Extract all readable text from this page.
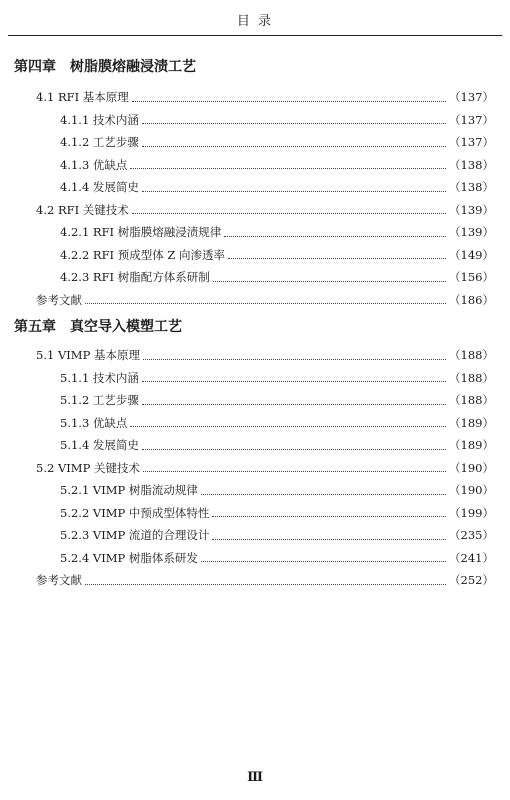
目 录
第四章 树脂膜熔融浸渍工艺
4.1 RFI 基本原理	（137）
4.1.1 技术内涵	（137）
4.1.2 工艺步骤	（137）
4.1.3 优缺点	（138）
4.1.4 发展简史	（138）
4.2 RFI 关键技术	（139）
4.2.1 RFI 树脂膜熔融浸渍规律	（139）
4.2.2 RFI 预成型体 Z 向渗透率	（149）
4.2.3 RFI 树脂配方体系研制	（156）
参考文献	（186）
第五章 真空导入模塑工艺
5.1 VIMP 基本原理	（188）
5.1.1 技术内涵	（188）
5.1.2 工艺步骤	（188）
5.1.3 优缺点	（189）
5.1.4 发展简史	（189）
5.2 VIMP 关键技术	（190）
5.2.1 VIMP 树脂流动规律	（190）
5.2.2 VIMP 中预成型体特性	（199）
5.2.3 VIMP 流道的合理设计	（235）
5.2.4 VIMP 树脂体系研发	（241）
参考文献	（252）
Ⅲ
